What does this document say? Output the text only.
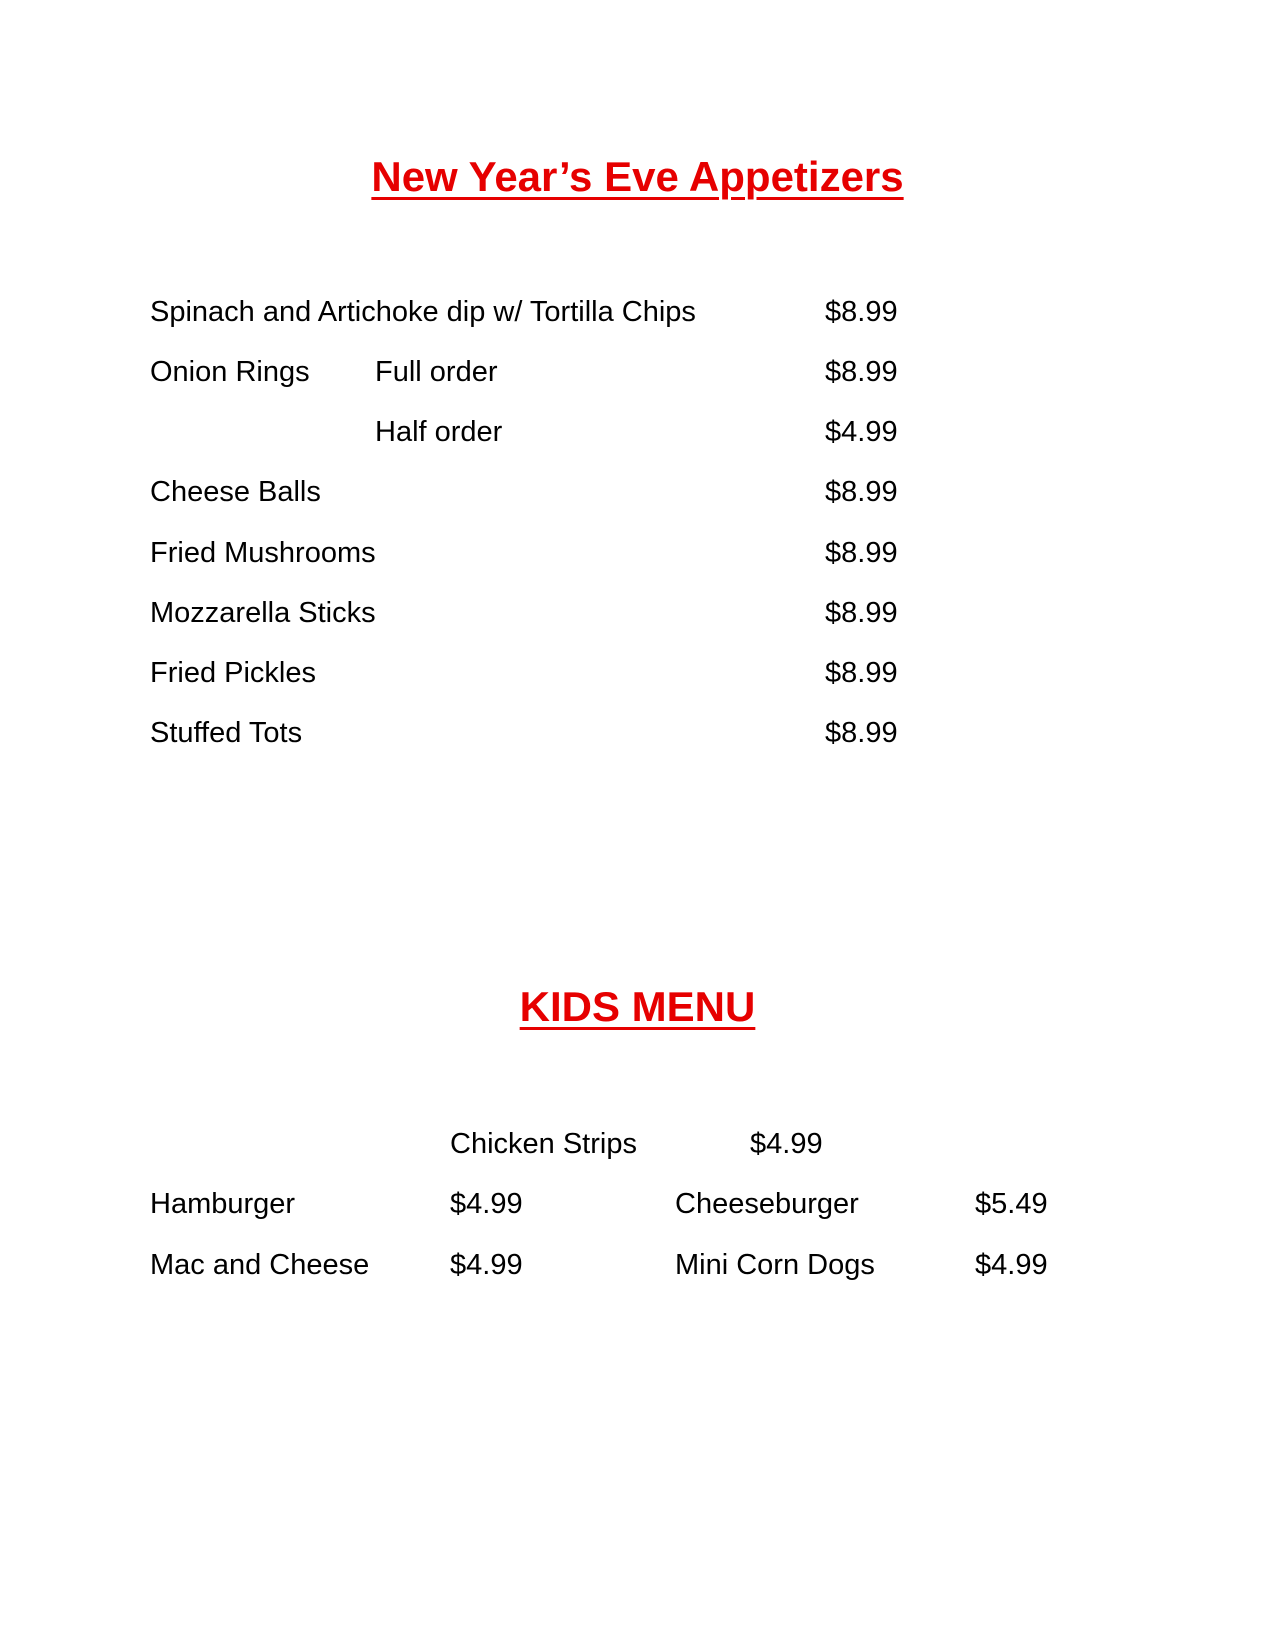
New Year’s Eve Appetizers
Spinach and Artichoke dip w/ Tortilla Chips	$8.99
Onion Rings Full order	$8.99
Half order	$4.99
Cheese Balls	$8.99
Fried Mushrooms	$8.99
Mozzarella Sticks	$8.99
Fried Pickles	$8.99
Stuffed Tots	$8.99
KIDS MENU
Chicken Strips	$4.99
Hamburger	$4.99	Cheeseburger	$5.49
Mac and Cheese	$4.99	Mini Corn Dogs	$4.99
